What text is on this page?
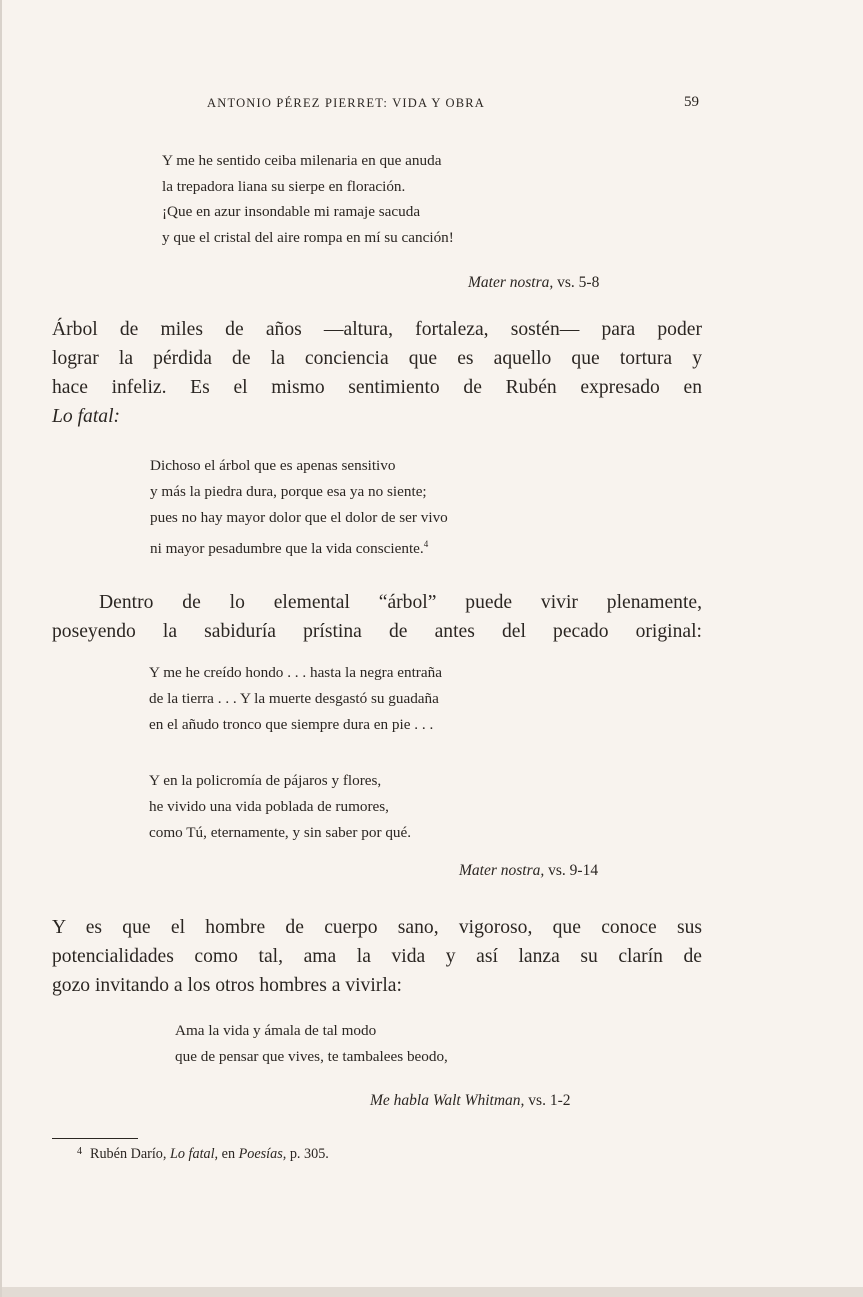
ANTONIO PÉREZ PIERRET: VIDA Y OBRA	59
Y me he sentido ceiba milenaria en que anuda
la trepadora liana su sierpe en floración.
¡Que en azur insondable mi ramaje sacuda
y que el cristal del aire rompa en mí su canción!
Mater nostra, vs. 5-8

Árbol de miles de años —altura, fortaleza, sostén— para poder
lograr la pérdida de la conciencia que es aquello que tortura y
hace infeliz. Es el mismo sentimiento de Rubén expresado en
Lo fatal:

Dichoso el árbol que es apenas sensitivo
y más la piedra dura, porque esa ya no siente;
pues no hay mayor dolor que el dolor de ser vivo
ni mayor pesadumbre que la vida consciente.$^4$

Dentro de lo elemental “árbol” puede vivir plenamente,
poseyendo la sabiduría prístina de antes del pecado original:

Y me he creído hondo . . . hasta la negra entraña
de la tierra . . . Y la muerte desgastó su guadaña
en el añudo tronco que siempre dura en pie . . .
Y en la policromía de pájaros y flores,
he vivido una vida poblada de rumores,
como Tú, eternamente, y sin saber por qué.
Mater nostra, vs. 9-14

Y es que el hombre de cuerpo sano, vigoroso, que conoce sus
potencialidades como tal, ama la vida y así lanza su clarín de
gozo invitando a los otros hombres a vivirla:

Ama la vida y ámala de tal modo
que de pensar que vives, te tambalees beodo,
Me habla Walt Whitman, vs. 1-2
$^4$ Rubén Darío, Lo fatal, en Poesías, p. 305.
